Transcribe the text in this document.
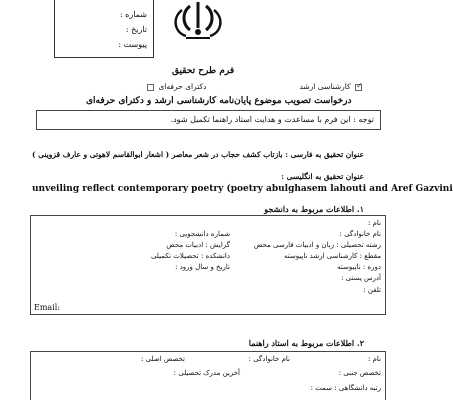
شماره :
تاریخ :
پیوست :
فرم طرح تحقیق
✓ کارشناسی ارشد
دکترای حرفه‌ای
درخواست تصویب موضوع پایان‌نامه کارشناسی ارشد و دکترای حرفه‌ای
توجه : این فرم با مساعدت و هدایت استاد راهنما تکمیل شود.
عنوان تحقیق به فارسی : بازتاب کشف حجاب در شعر معاصر ( اشعار ابوالقاسم لاهوتی و عارف قزوینی )
عنوان تحقیق به انگلیسی :
unveiling reflect contemporary poetry (poetry abulghasem lahouti and Aref Gazvini
۱. اطلاعات مربوط به دانشجو
نام :
نام خانوادگی :
شماره دانشجویی :
رشته تحصیلی : زبان و ادبیات فارسی محض
گرایش : ادبیات محض
مقطع : کارشناسی ارشد ناپیوسته
دانشکده : تحصیلات تکمیلی
دوره : ناپیوسته
تاریخ و سال ورود :
آدرس پستی :
تلفن :
Email:
۲. اطلاعات مربوط به استاد راهنما
نام :
نام خانوادگی :
تخصص اصلی :
تخصص جنبی :
آخرین مدرک تحصیلی :
رتبه دانشگاهی : سمت :
